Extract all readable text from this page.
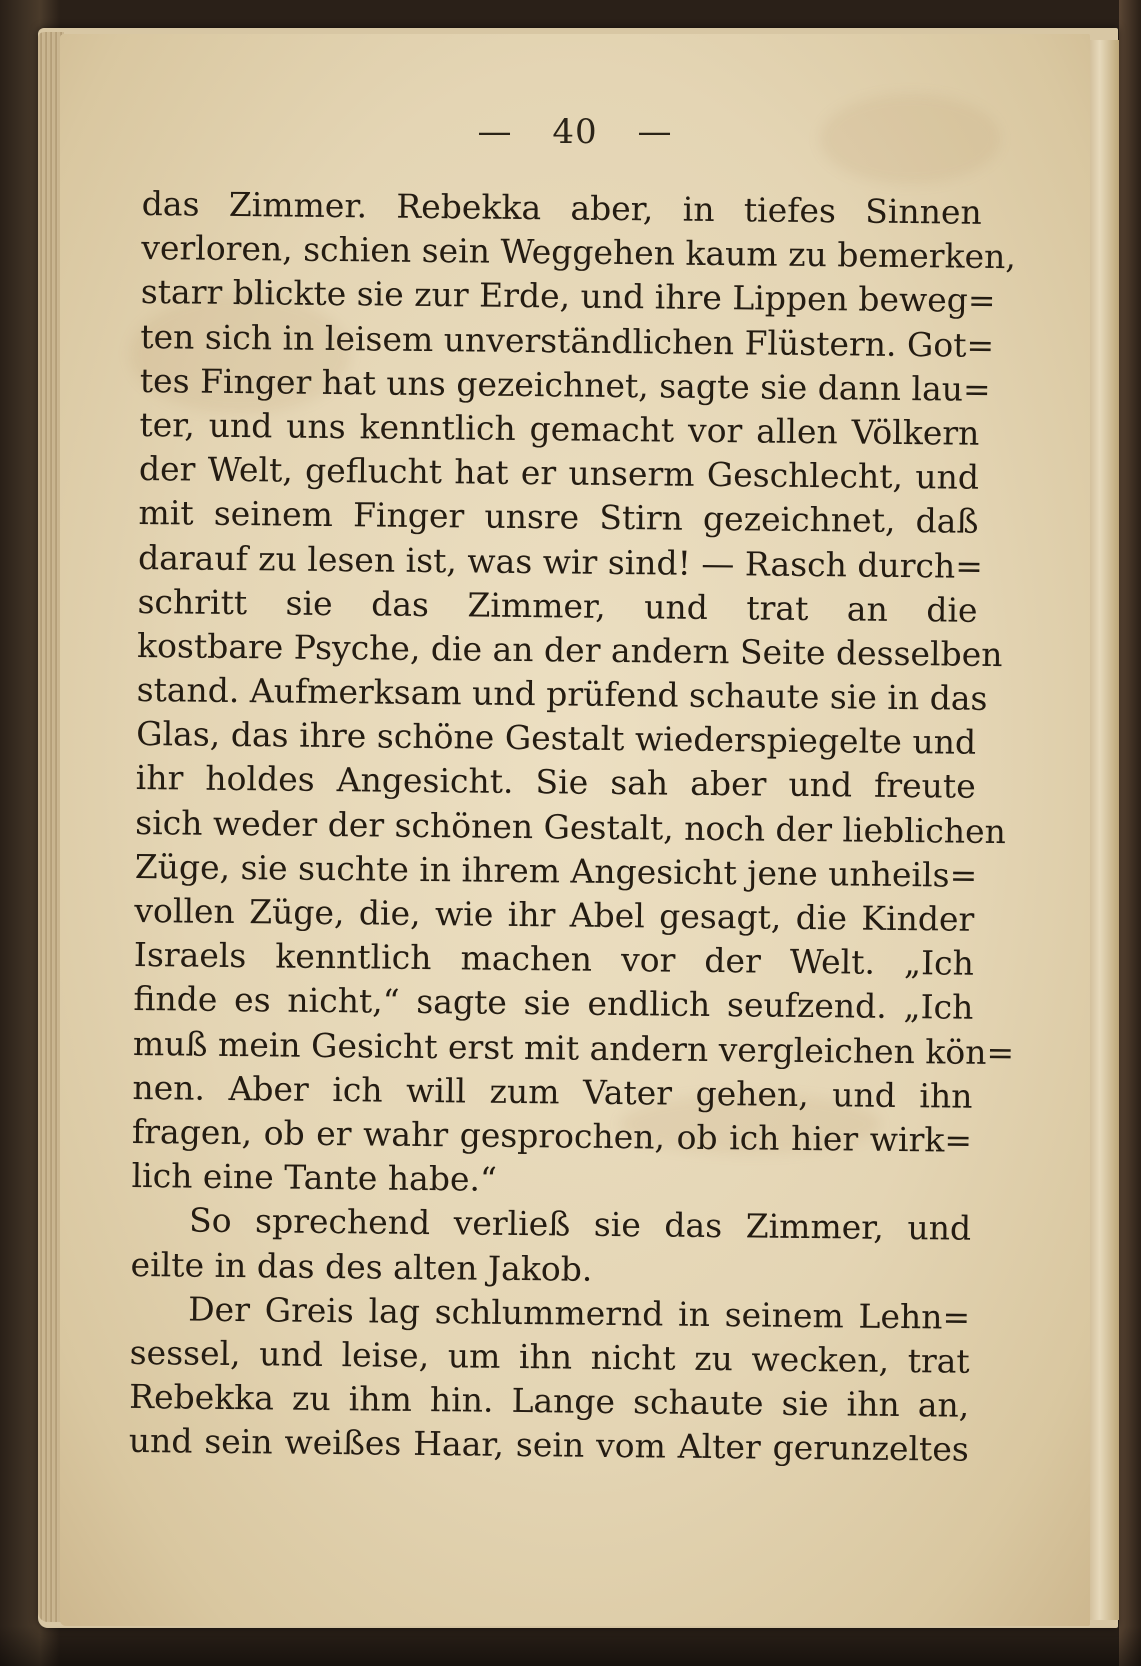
— 40 —
das Zimmer. Rebekka aber, in tiefes Sinnen
verloren, schien sein Weggehen kaum zu bemerken,
starr blickte sie zur Erde, und ihre Lippen beweg=
ten sich in leisem unverständlichen Flüstern. Got=
tes Finger hat uns gezeichnet, sagte sie dann lau=
ter, und uns kenntlich gemacht vor allen Völkern
der Welt, geflucht hat er unserm Geschlecht, und
mit seinem Finger unsre Stirn gezeichnet, daß
darauf zu lesen ist, was wir sind! — Rasch durch=
schritt sie das Zimmer, und trat an die
kostbare Psyche, die an der andern Seite desselben
stand. Aufmerksam und prüfend schaute sie in das
Glas, das ihre schöne Gestalt wiederspiegelte und
ihr holdes Angesicht. Sie sah aber und freute
sich weder der schönen Gestalt, noch der lieblichen
Züge, sie suchte in ihrem Angesicht jene unheils=
vollen Züge, die, wie ihr Abel gesagt, die Kinder
Israels kenntlich machen vor der Welt. „Ich
finde es nicht,“ sagte sie endlich seufzend. „Ich
muß mein Gesicht erst mit andern vergleichen kön=
nen. Aber ich will zum Vater gehen, und ihn
fragen, ob er wahr gesprochen, ob ich hier wirk=
lich eine Tante habe.“
So sprechend verließ sie das Zimmer, und
eilte in das des alten Jakob.
Der Greis lag schlummernd in seinem Lehn=
sessel, und leise, um ihn nicht zu wecken, trat
Rebekka zu ihm hin. Lange schaute sie ihn an,
und sein weißes Haar, sein vom Alter gerunzeltes
